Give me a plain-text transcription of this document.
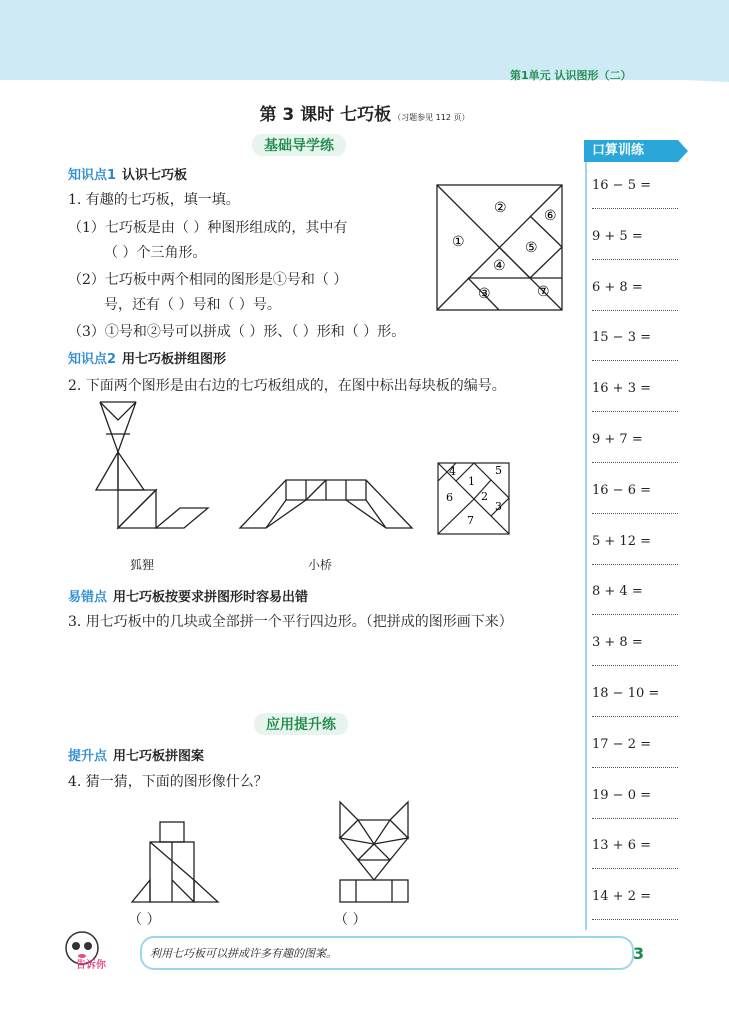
第1单元 认识图形（二）
第 3 课时 七巧板 （习题参见 112 页）
基础导学练
知识点1 认识七巧板
1. 有趣的七巧板，填一填。
（1）七巧板是由（ ）种图形组成的，其中有
（ ）个三角形。
（2）七巧板中两个相同的图形是①号和（ ）
号，还有（ ）号和（ ）号。
（3）①号和②号可以拼成（ ）形、（ ）形和（ ）形。
①
②
③
④
⑤
⑥
⑦
知识点2 用七巧板拼组图形
2. 下面两个图形是由右边的七巧板组成的，在图中标出每块板的编号。
狐狸	小桥
4
1
5
6	2
3
7
易错点 用七巧板按要求拼图形时容易出错
3. 用七巧板中的几块或全部拼一个平行四边形。（把拼成的图形画下来）
应用提升练
提升点 用七巧板拼图案
4. 猜一猜，下面的图形像什么？
（ ）	（ ）
口算训练
16 − 5 =
9 + 5 =
6 + 8 =
15 − 3 =
16 + 3 =
9 + 7 =
16 − 6 =
5 + 12 =
8 + 4 =
3 + 8 =
18 − 10 =
17 − 2 =
19 − 0 =
13 + 6 =
14 + 2 =
告诉你
利用七巧板可以拼成许多有趣的图案。	3
